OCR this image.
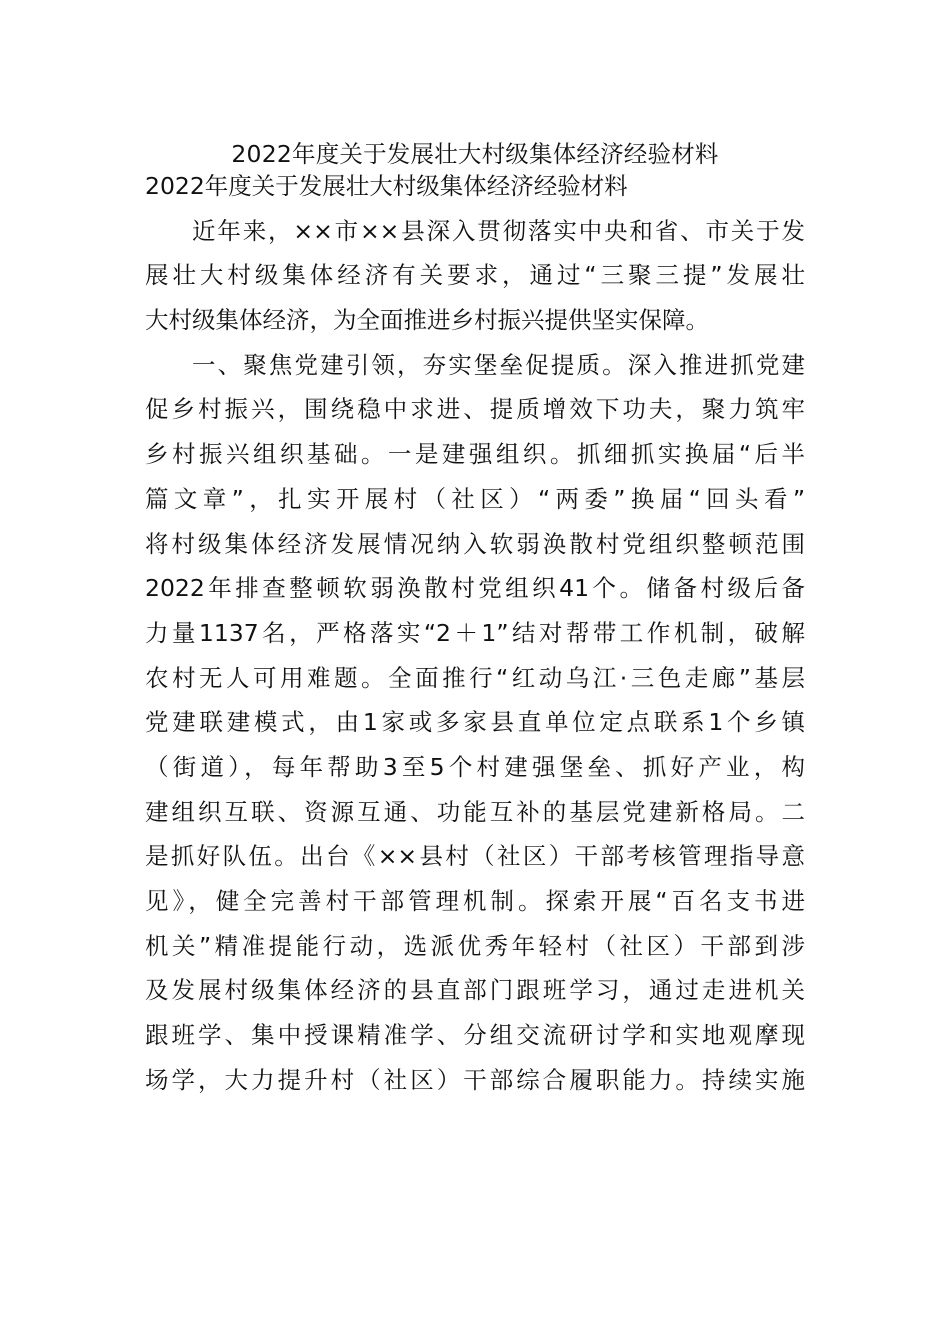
2022年度关于发展壮大村级集体经济经验材料
2022年度关于发展壮大村级集体经济经验材料
近年来，××市××县深入贯彻落实中央和省、市关于发
展壮大村级集体经济有关要求，通过“三聚三提”发展壮
大村级集体经济，为全面推进乡村振兴提供坚实保障。
一、聚焦党建引领，夯实堡垒促提质。深入推进抓党建
促乡村振兴，围绕稳中求进、提质增效下功夫，聚力筑牢
乡村振兴组织基础。一是建强组织。抓细抓实换届“后半
篇文章”，扎实开展村（社区）“两委”换届“回头看”
将村级集体经济发展情况纳入软弱涣散村党组织整顿范围
2022年排查整顿软弱涣散村党组织41个。储备村级后备
力量1137名，严格落实“2＋1”结对帮带工作机制，破解
农村无人可用难题。全面推行“红动乌江·三色走廊”基层
党建联建模式，由1家或多家县直单位定点联系1个乡镇
（街道），每年帮助3至5个村建强堡垒、抓好产业，构
建组织互联、资源互通、功能互补的基层党建新格局。二
是抓好队伍。出台《××县村（社区）干部考核管理指导意
见》，健全完善村干部管理机制。探索开展“百名支书进
机关”精准提能行动，选派优秀年轻村（社区）干部到涉
及发展村级集体经济的县直部门跟班学习，通过走进机关
跟班学、集中授课精准学、分组交流研讨学和实地观摩现
场学，大力提升村（社区）干部综合履职能力。持续实施
